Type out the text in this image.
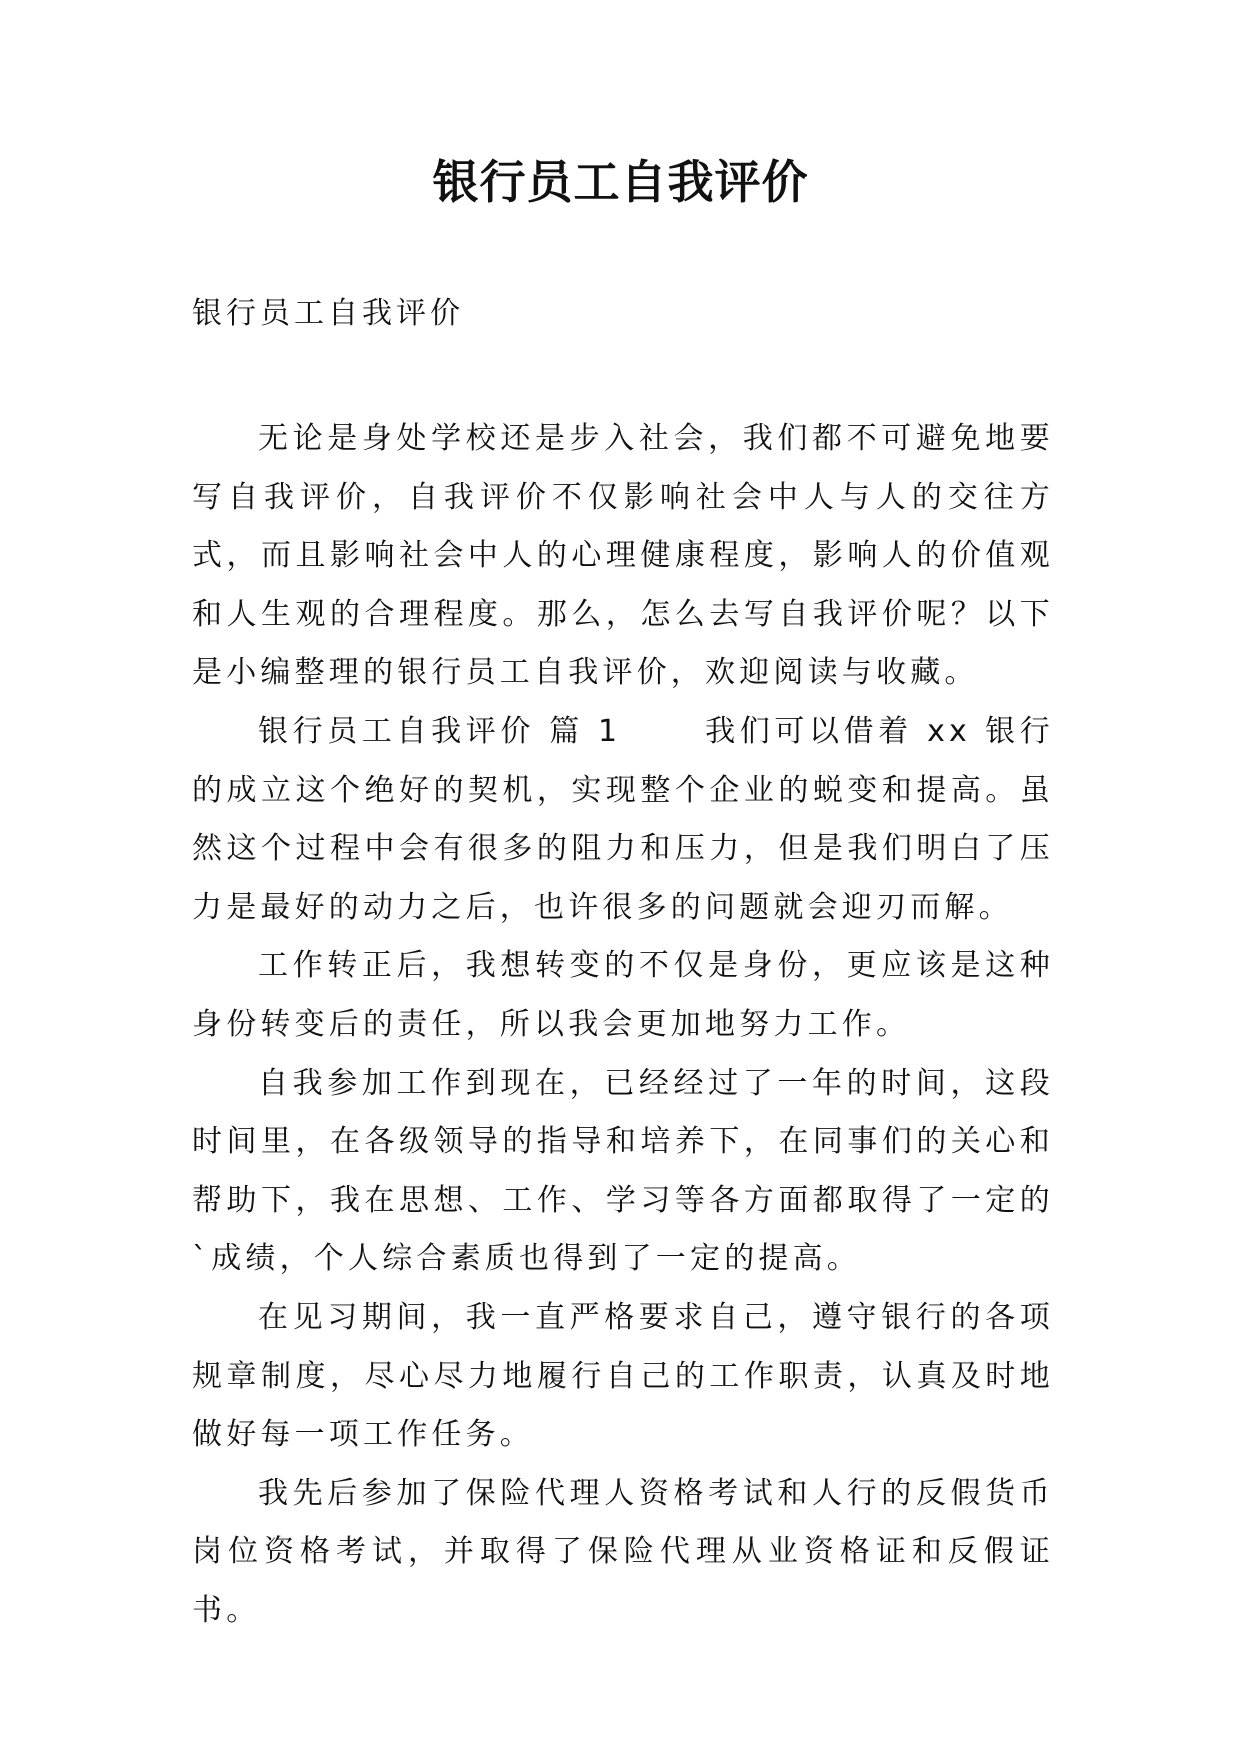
银行员工自我评价
银行员工自我评价

无论是身处学校还是步入社会，我们都不可避免地要写自我评价，自我评价不仅影响社会中人与人的交往方式，而且影响社会中人的心理健康程度，影响人的价值观和人生观的合理程度。那么，怎么去写自我评价呢？以下是小编整理的银行员工自我评价，欢迎阅读与收藏。

银行员工自我评价 篇 1　　 我们可以借着 xx 银行的成立这个绝好的契机，实现整个企业的蜕变和提高。虽然这个过程中会有很多的阻力和压力，但是我们明白了压力是最好的动力之后，也许很多的问题就会迎刃而解。

工作转正后，我想转变的不仅是身份，更应该是这种身份转变后的责任，所以我会更加地努力工作。

自我参加工作到现在，已经经过了一年的时间，这段时间里，在各级领导的指导和培养下，在同事们的关心和帮助下，我在思想、工作、学习等各方面都取得了一定的`成绩，个人综合素质也得到了一定的提高。

在见习期间，我一直严格要求自己，遵守银行的各项规章制度，尽心尽力地履行自己的工作职责，认真及时地做好每一项工作任务。

我先后参加了保险代理人资格考试和人行的反假货币岗位资格考试，并取得了保险代理从业资格证和反假证书。
